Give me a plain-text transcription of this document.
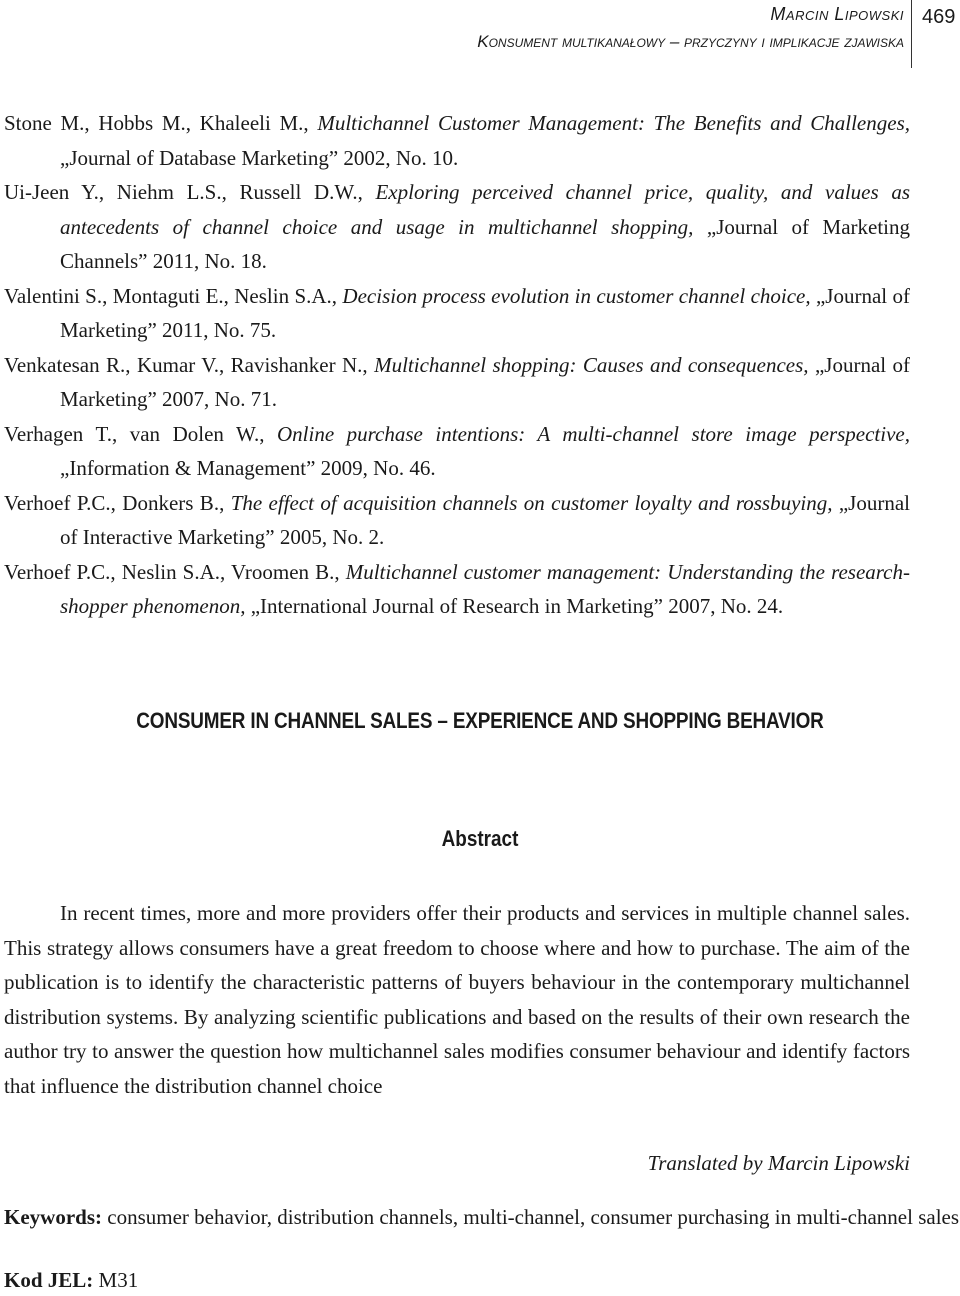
Marcin Lipowski
Konsument multikanałowy – przyczyny i implikacje zjawiska
469
Stone M., Hobbs M., Khaleeli M., Multichannel Customer Management: The Benefits and Challenges, „Journal of Database Marketing” 2002, No. 10.
Ui-Jeen Y., Niehm L.S., Russell D.W., Exploring perceived channel price, quality, and values as antecedents of channel choice and usage in multichannel shopping, „Journal of Marketing Channels” 2011, No. 18.
Valentini S., Montaguti E., Neslin S.A., Decision process evolution in customer channel choice, „Journal of Marketing” 2011, No. 75.
Venkatesan R., Kumar V., Ravishanker N., Multichannel shopping: Causes and consequences, „Journal of Marketing” 2007, No. 71.
Verhagen T., van Dolen W., Online purchase intentions: A multi-channel store image perspective, „Information & Management” 2009, No. 46.
Verhoef P.C., Donkers B., The effect of acquisition channels on customer loyalty and rossbuying, „Journal of Interactive Marketing” 2005, No. 2.
Verhoef P.C., Neslin S.A., Vroomen B., Multichannel customer management: Understanding the research-shopper phenomenon, „International Journal of Research in Marketing” 2007, No. 24.
CONSUMER IN CHANNEL SALES – EXPERIENCE AND SHOPPING BEHAVIOR
Abstract
In recent times, more and more providers offer their products and services in multiple channel sales. This strategy allows consumers have a great freedom to choose where and how to purchase. The aim of the publication is to identify the characteristic patterns of buyers behaviour in the contemporary multichannel distribution systems. By analyzing scientific publications and based on the results of their own research the author try to answer the question how multichannel sales modifies consumer behaviour and identify factors that influence the distribution channel choice
Translated by Marcin Lipowski
Keywords: consumer behavior, distribution channels, multi-channel, consumer purchasing in multi-channel sales
Kod JEL: M31
